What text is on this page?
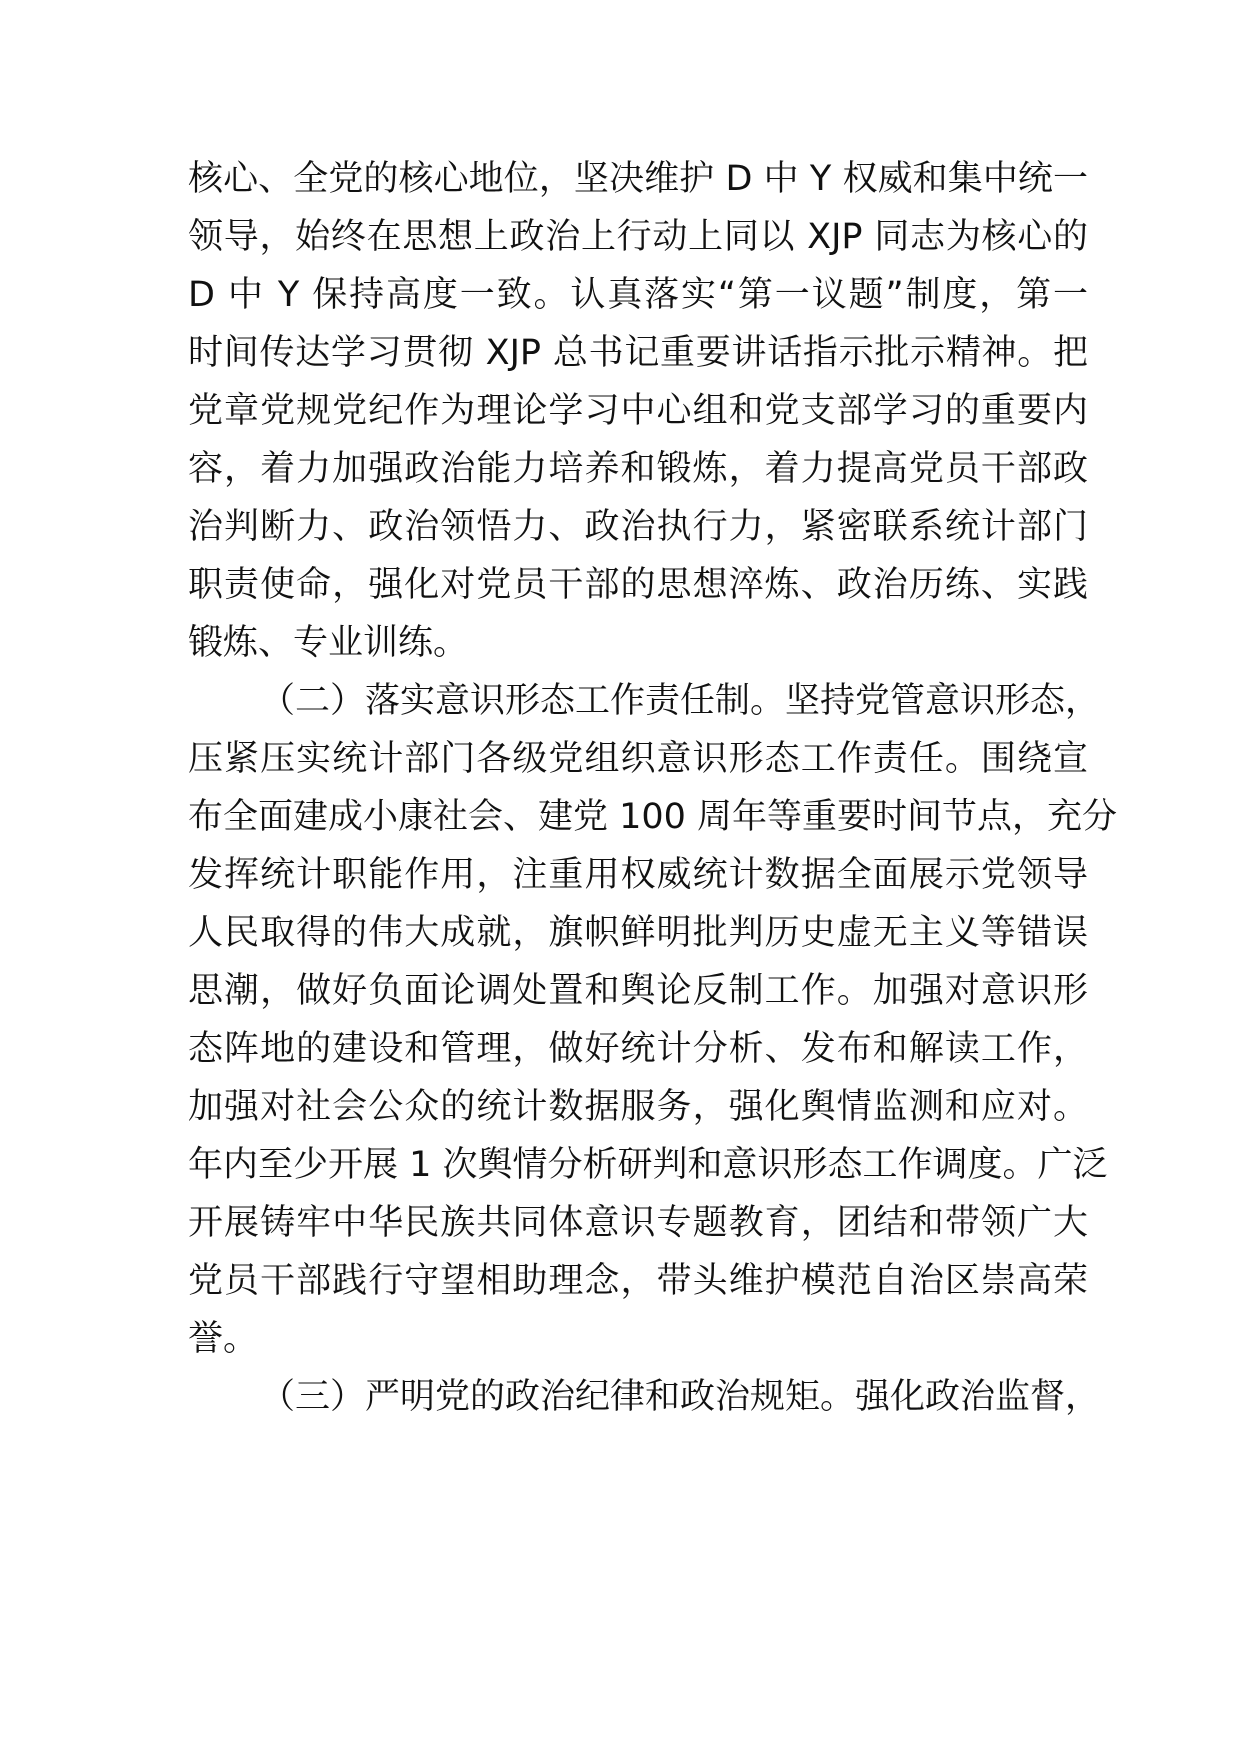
核心、全党的核心地位，坚决维护 D 中 Y 权威和集中统一
领导，始终在思想上政治上行动上同以 XJP 同志为核心的
D 中 Y 保持高度一致。认真落实“第一议题”制度，第一
时间传达学习贯彻 XJP 总书记重要讲话指示批示精神。把
党章党规党纪作为理论学习中心组和党支部学习的重要内
容，着力加强政治能力培养和锻炼，着力提高党员干部政
治判断力、政治领悟力、政治执行力，紧密联系统计部门
职责使命，强化对党员干部的思想淬炼、政治历练、实践
锻炼、专业训练。
（二）落实意识形态工作责任制。坚持党管意识形态，
压紧压实统计部门各级党组织意识形态工作责任。围绕宣
布全面建成小康社会、建党 100 周年等重要时间节点，充分
发挥统计职能作用，注重用权威统计数据全面展示党领导
人民取得的伟大成就，旗帜鲜明批判历史虚无主义等错误
思潮，做好负面论调处置和舆论反制工作。加强对意识形
态阵地的建设和管理，做好统计分析、发布和解读工作，
加强对社会公众的统计数据服务，强化舆情监测和应对。
年内至少开展 1 次舆情分析研判和意识形态工作调度。广泛
开展铸牢中华民族共同体意识专题教育，团结和带领广大
党员干部践行守望相助理念，带头维护模范自治区崇高荣
誉。
（三）严明党的政治纪律和政治规矩。强化政治监督，
